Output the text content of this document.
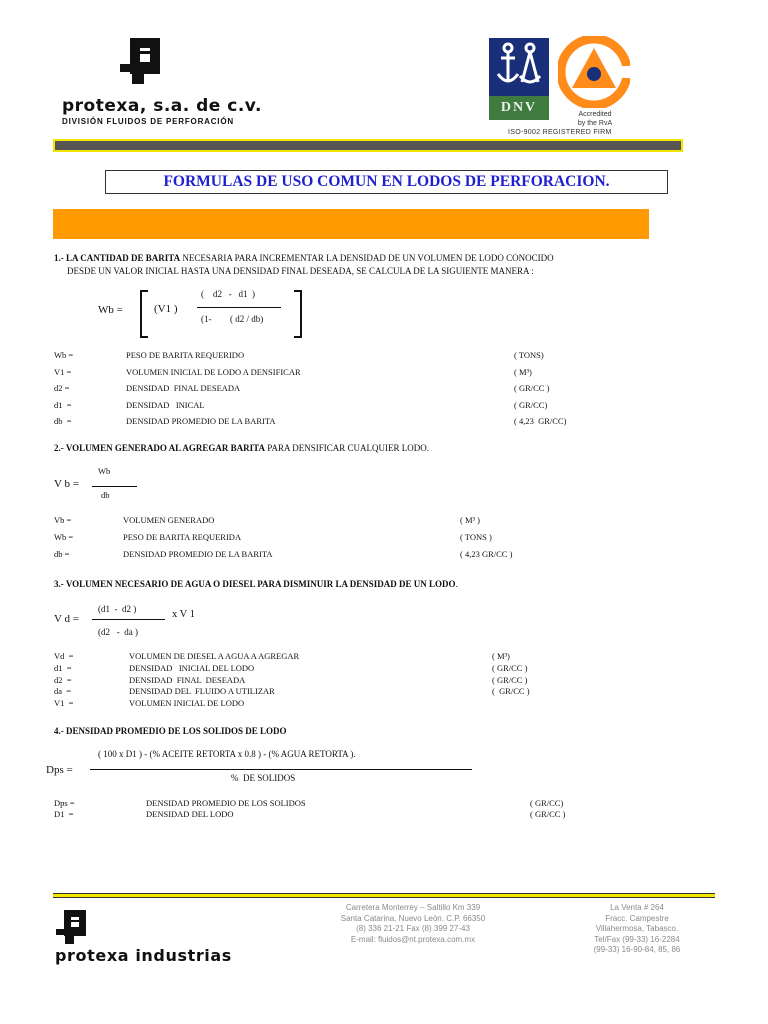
protexa, s.a. de c.v.
DIVISIÓN FLUIDOS DE PERFORACIÓN
DNV	Accredited
by the RvA
ISO-9002 REGISTERED FIRM
FORMULAS DE USO COMUN EN LODOS DE PERFORACION.
1.- LA CANTIDAD DE BARITA NECESARIA PARA INCREMENTAR LA DENSIDAD DE UN VOLUMEN DE LODO CONOCIDO
DESDE UN VALOR INICIAL HASTA UNA DENSIDAD FINAL DESEADA, SE CALCULA DE LA SIGUIENTE MANERA :
Wb =	(V1 )
(    d2   -   d1  )
(1- ( d2 / db)
Wb =	PESO DE BARITA REQUERIDO	( TONS)
V1 =	VOLUMEN INICIAL DE LODO A DENSIFICAR	( M³)
d2 =	DENSIDAD  FINAL DESEADA	( GR/CC )
d1  =	DENSIDAD   INICAL	( GR/CC)
db  =	DENSIDAD PROMEDIO DE LA BARITA	( 4,23  GR/CC)
2.- VOLUMEN GENERADO AL AGREGAR BARITA PARA DENSIFICAR CUALQUIER LODO.
V b =
Wb
db
Vb =	VOLUMEN GENERADO	( M³ )
Wb =	PESO DE BARITA REQUERIDA	( TONS )
db =	DENSIDAD PROMEDIO DE LA BARITA	( 4,23 GR/CC )
3.- VOLUMEN NECESARIO DE AGUA O DIESEL PARA DISMINUIR LA DENSIDAD DE UN LODO.
V d =
(d1  -  d2 )
(d2   -  da )
x V 1
Vd  =	VOLUMEN DE DIESEL A AGUA A AGREGAR	( M³)
d1  =	DENSIDAD   INICIAL DEL LODO	( GR/CC )
d2  =	DENSIDAD  FINAL  DESEADA	( GR/CC )
da  =	DENSIDAD DEL  FLUIDO A UTILIZAR	(  GR/CC )
V1  =	VOLUMEN INICIAL DE LODO
4.- DENSIDAD PROMEDIO DE LOS SOLIDOS DE LODO
( 100 x D1 ) - (% ACEITE RETORTA x 0.8 ) - (% AGUA RETORTA ).
Dps =
%  DE SOLIDOS
Dps =	DENSIDAD PROMEDIO DE LOS SOLIDOS	( GR/CC)
D1  =	DENSIDAD DEL LODO	( GR/CC )
protexa industrias
Carretera Monterrey – Saltillo Km 339
Santa Catarina, Nuevo León. C.P. 66350
(8) 336 21-21 Fax (8) 399 27-43
E-mail: fluidos@nt.protexa.com.mx
La Venta # 264
Fracc. Campestre
Villahermosa, Tabasco.
Tel/Fax (99-33) 16-2284
(99-33) 16-90-84, 85, 86
